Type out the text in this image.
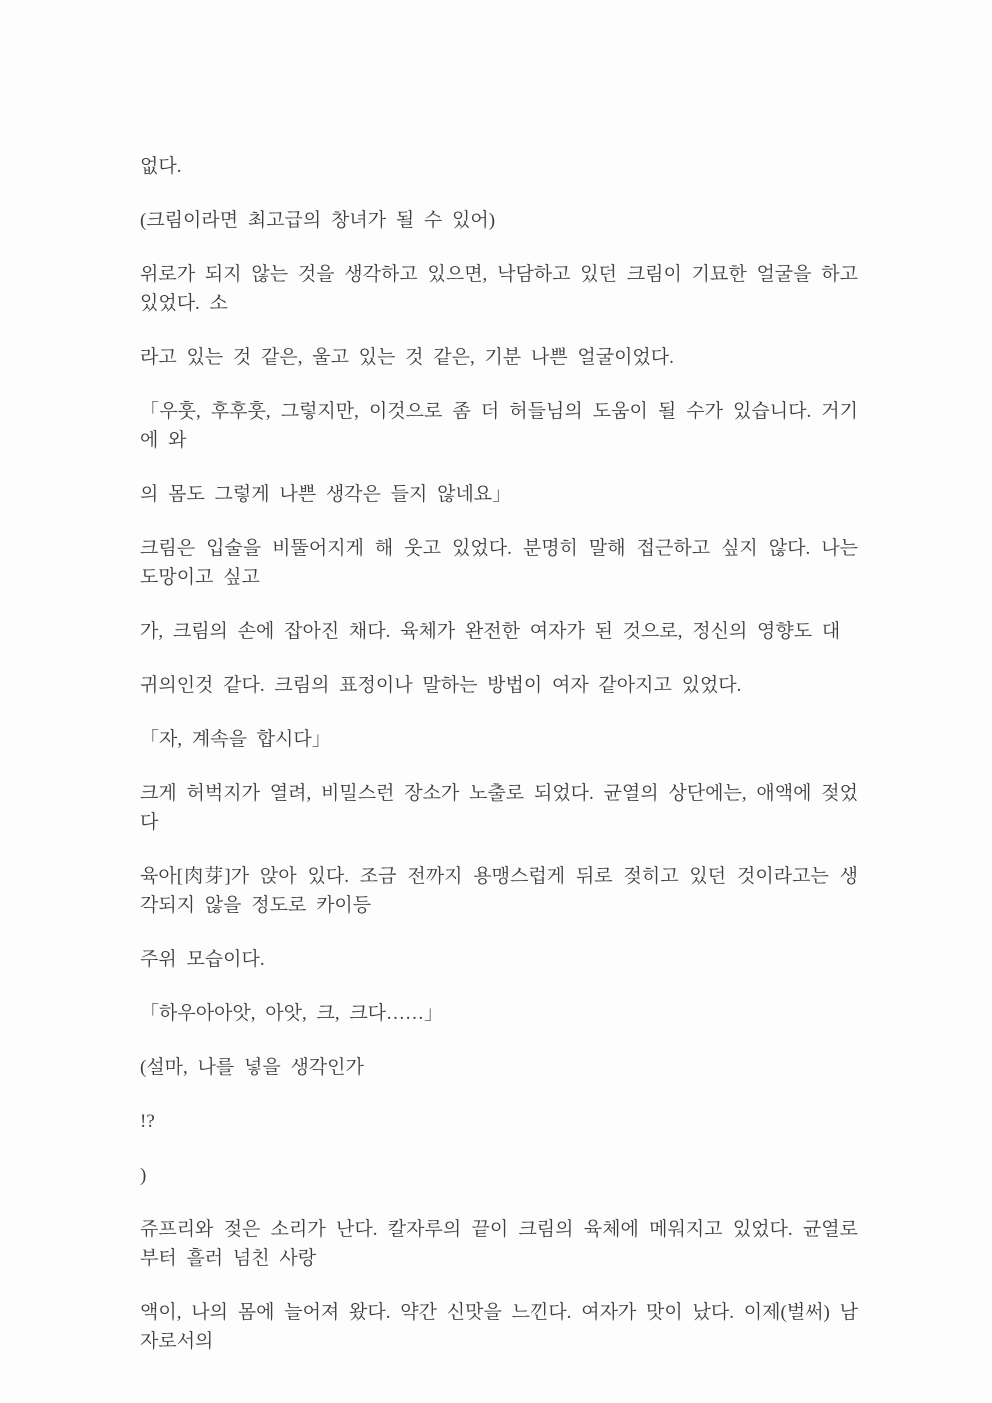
없다.

(크림이라면 최고급의 창녀가 될 수 있어)

위로가 되지 않는 것을 생각하고 있으면, 낙담하고 있던 크림이 기묘한 얼굴을 하고 있었다. 소

라고 있는 것 같은, 울고 있는 것 같은, 기분 나쁜 얼굴이었다.

「우훗, 후후훗, 그렇지만, 이것으로 좀 더 허들님의 도움이 될 수가 있습니다. 거기에 와

의 몸도 그렇게 나쁜 생각은 들지 않네요」

크림은 입술을 비뚤어지게 해 웃고 있었다. 분명히 말해 접근하고 싶지 않다. 나는 도망이고 싶고

가, 크림의 손에 잡아진 채다. 육체가 완전한 여자가 된 것으로, 정신의 영향도 대

귀의인것 같다. 크림의 표정이나 말하는 방법이 여자 같아지고 있었다.

「자, 계속을 합시다」

크게 허벅지가 열려, 비밀스런 장소가 노출로 되었다. 균열의 상단에는, 애액에 젖었다

육아[肉芽]가 앉아 있다. 조금 전까지 용맹스럽게 뒤로 젖히고 있던 것이라고는 생각되지 않을 정도로 카이등

주위 모습이다.

「하우아아앗, 아앗, 크, 크다……」

(설마, 나를 넣을 생각인가

!?

)

쥬프리와 젖은 소리가 난다. 칼자루의 끝이 크림의 육체에 메워지고 있었다. 균열로부터 흘러 넘친 사랑

액이, 나의 몸에 늘어져 왔다. 약간 신맛을 느낀다. 여자가 맛이 났다. 이제(벌써) 남자로서의
